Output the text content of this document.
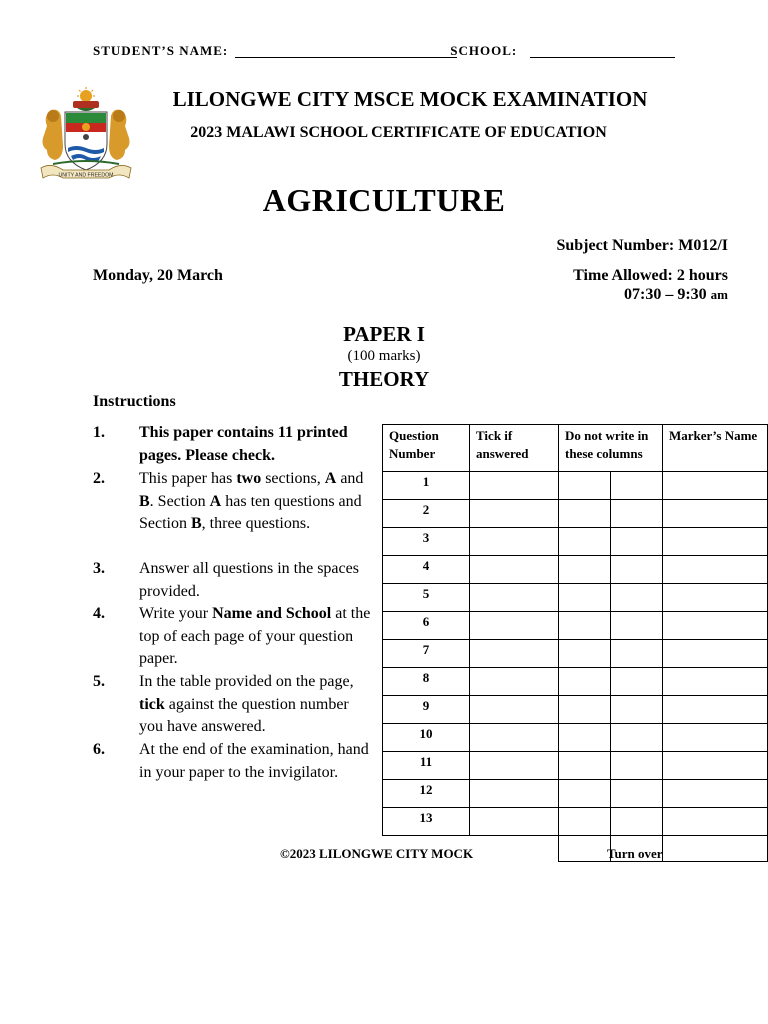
STUDENT’S NAME:	SCHOOL:
UNITY AND FREEDOM
LILONGWE CITY MSCE MOCK EXAMINATION
2023 MALAWI SCHOOL CERTIFICATE OF EDUCATION
AGRICULTURE
Subject Number: M012/I
Monday, 20 March	Time Allowed: 2 hours
07:30 – 9:30 am
PAPER I
(100 marks)
THEORY
Instructions
1. This paper contains 11 printed pages. Please check.
2. This paper has two sections, A and B. Section A has ten questions and Section B, three questions.
3. Answer all questions in the spaces provided.
4. Write your Name and School at the top of each page of your question paper.
5. In the table provided on the page, tick against the question number you have answered.
6. At the end of the examination, hand in your paper to the invigilator.
Question Number	Tick if answered	Do not write in these columns		Marker’s Name
1				
2				
3				
4				
5				
6				
7				
8				
9				
10				
11				
12				
13				

©2023 LILONGWE CITY MOCK	Turn over
